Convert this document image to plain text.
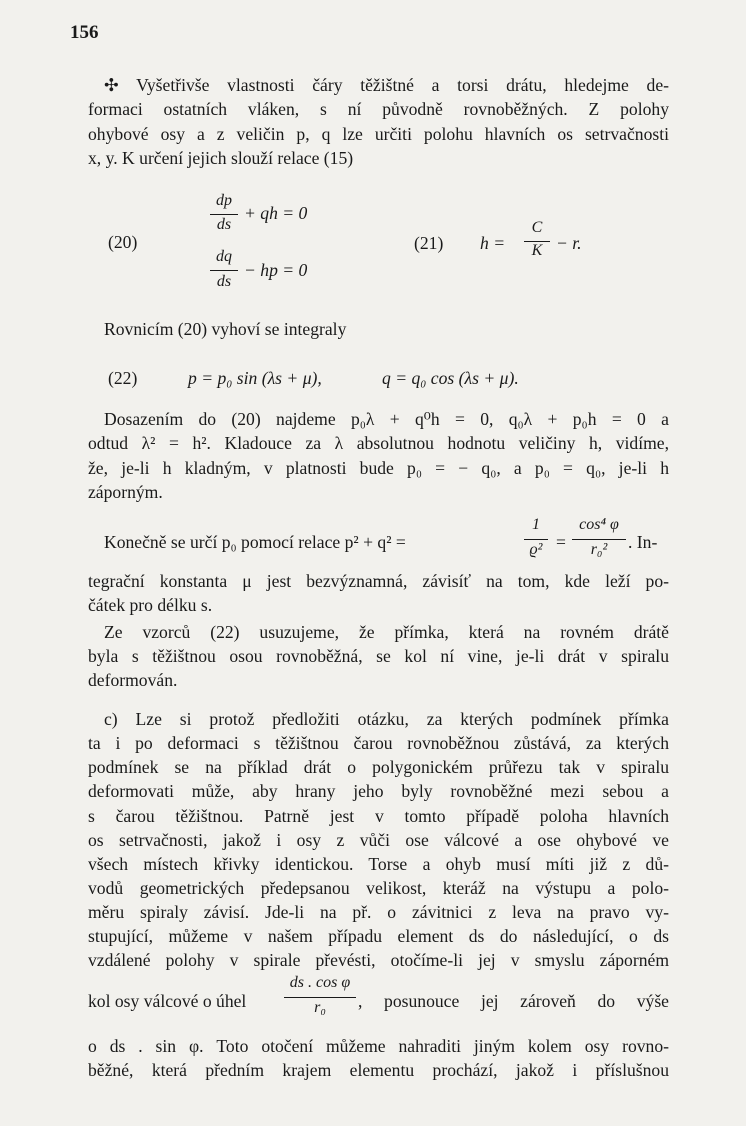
156
✣ Vyšetřivše vlastnosti čáry těžištné a torsi drátu, hledejme de-
formaci ostatních vláken, s ní původně rovnoběžných. Z polohy
ohybové osy a z veličin p, q lze určiti polohu hlavních os setrvačnosti
x, y. K určení jejich slouží relace (15)
(20)
dp
ds
+ qh = 0
dq
ds
− hp = 0
(21) h =
C
K − r.
Rovnicím (20) vyhoví se integraly
(22)	p = p₀ sin (λs + μ),	q = q₀ cos (λs + μ).
Dosazením do (20) najdeme p₀λ + q⁰h = 0, q₀λ + p₀h = 0 a
odtud λ² = h². Kladouce za λ absolutnou hodnotu veličiny h, vidíme,
že, je-li h kladným, v platnosti bude p₀ = − q₀, a p₀ = q₀, je-li h
záporným.
Konečně se určí p₀ pomocí relace p² + q² =
1
ϱ² =
cos⁴ φ
r₀²	. In-
tegrační konstanta μ jest bezvýznamná, závisíť na tom, kde leží po-
čátek pro délku s.
Ze vzorců (22) usuzujeme, že přímka, která na rovném drátě
byla s těžištnou osou rovnoběžná, se kol ní vine, je-li drát v spiralu
deformován.
c) Lze si protož předložiti otázku, za kterých podmínek přímka
ta i po deformaci s těžištnou čarou rovnoběžnou zůstává, za kterých
podmínek se na příklad drát o polygonickém průřezu tak v spiralu
deformovati může, aby hrany jeho byly rovnoběžné mezi sebou a
s čarou těžištnou. Patrně jest v tomto případě poloha hlavních
os setrvačnosti, jakož i osy z vůči ose válcové a ose ohybové ve
všech místech křivky identickou. Torse a ohyb musí míti již z dů-
vodů geometrických předepsanou velikost, kteráž na výstupu a polo-
měru spiraly závisí. Jde-li na př. o závitnici z leva na pravo vy-
stupující, můžeme v našem případu element ds do následující, o ds
vzdálené polohy v spirale převésti, otočíme-li jej v smyslu záporném
kol osy válcové o úhel
ds . cos φ
r₀	, posunouce jej zároveň do výše
o ds . sin φ. Toto otočení můžeme nahraditi jiným kolem osy rovno-
běžné, která předním krajem elementu prochází, jakož i příslušnou
